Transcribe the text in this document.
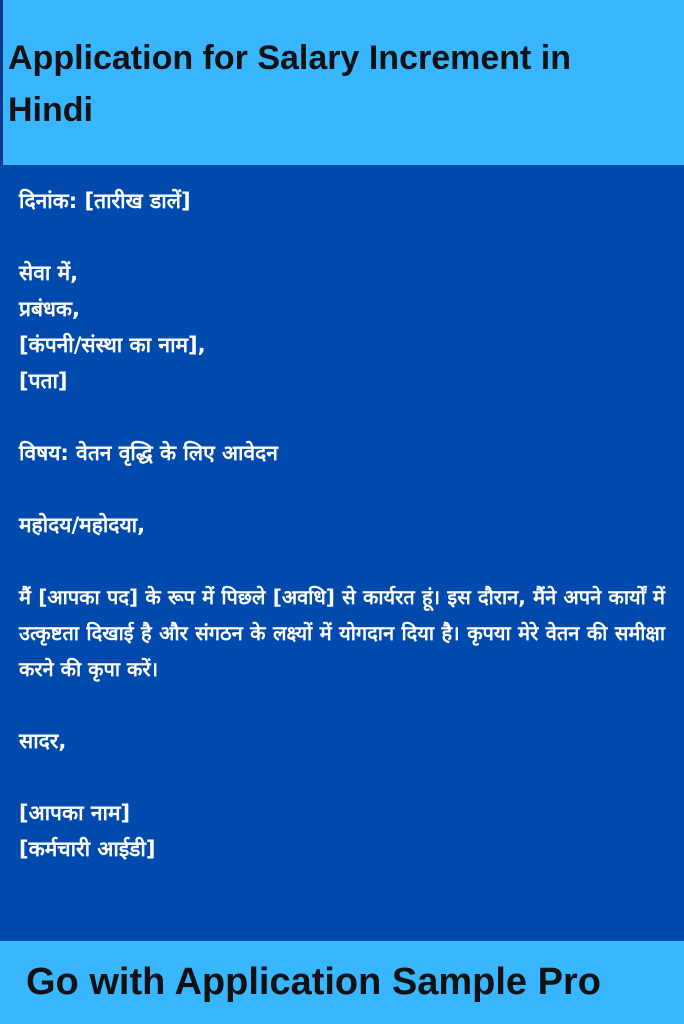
Application for Salary Increment in Hindi
दिनांक: [तारीख डालें]
सेवा में,
प्रबंधक,
[कंपनी/संस्था का नाम],
[पता]
विषय: वेतन वृद्धि के लिए आवेदन
महोदय/महोदया,
मैं [आपका पद] के रूप में पिछले [अवधि] से कार्यरत हूं। इस दौरान, मैंने अपने कार्यों में उत्कृष्टता दिखाई है और संगठन के लक्ष्यों में योगदान दिया है। कृपया मेरे वेतन की समीक्षा करने की कृपा करें।
सादर,
[आपका नाम]
[कर्मचारी आईडी]
Go with Application Sample Pro
